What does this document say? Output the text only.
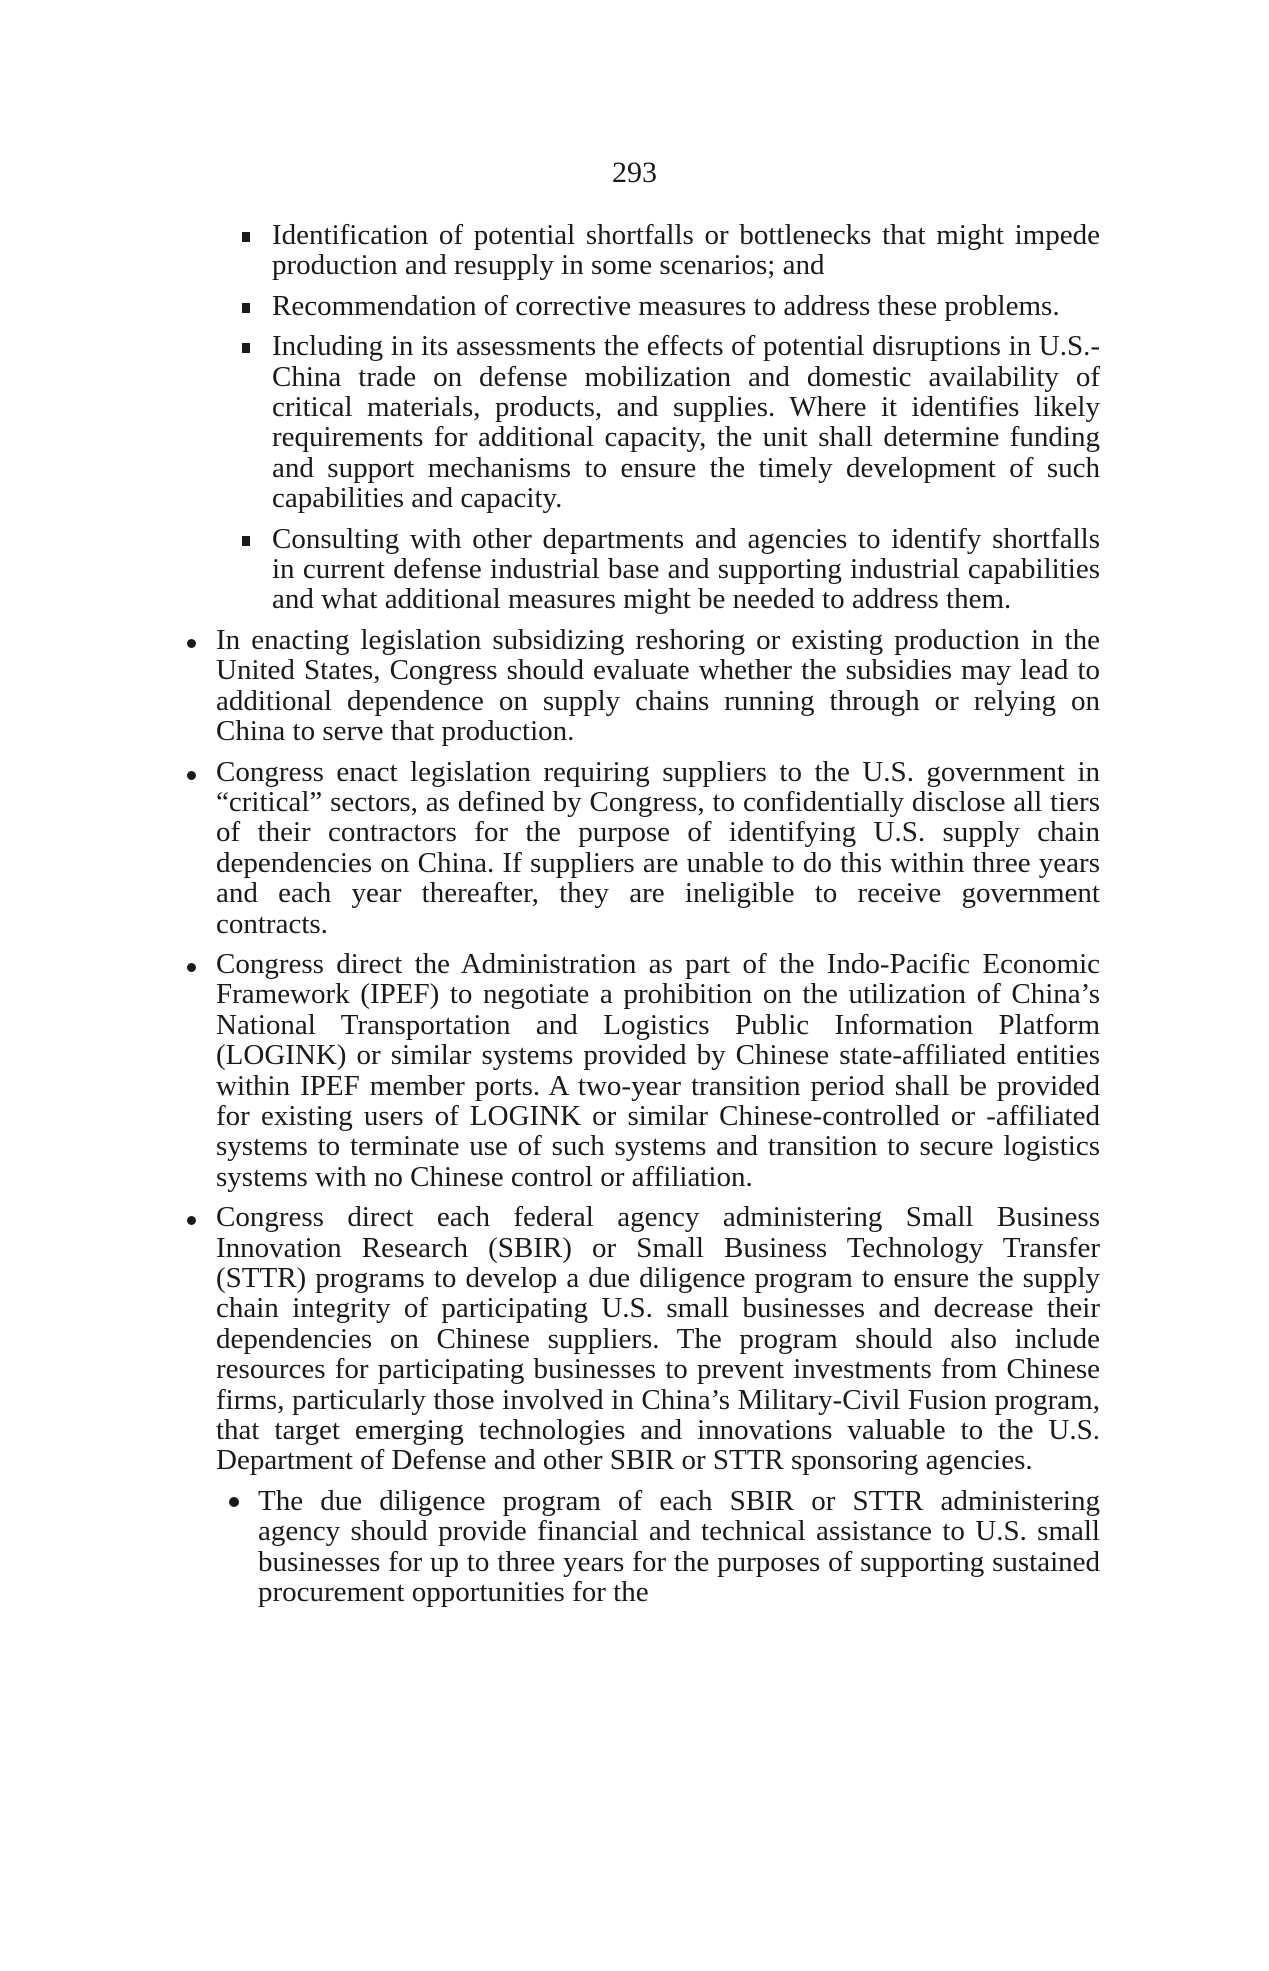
293
Identification of potential shortfalls or bottlenecks that might impede production and resupply in some scenarios; and
Recommendation of corrective measures to address these problems.
Including in its assessments the effects of potential disruptions in U.S.-China trade on defense mobilization and domestic availability of critical materials, products, and supplies. Where it identifies likely requirements for additional capacity, the unit shall determine funding and support mechanisms to ensure the timely development of such capabilities and capacity.
Consulting with other departments and agencies to identify shortfalls in current defense industrial base and supporting industrial capabilities and what additional measures might be needed to address them.
In enacting legislation subsidizing reshoring or existing production in the United States, Congress should evaluate whether the subsidies may lead to additional dependence on supply chains running through or relying on China to serve that production.
Congress enact legislation requiring suppliers to the U.S. government in “critical” sectors, as defined by Congress, to confidentially disclose all tiers of their contractors for the purpose of identifying U.S. supply chain dependencies on China. If suppliers are unable to do this within three years and each year thereafter, they are ineligible to receive government contracts.
Congress direct the Administration as part of the Indo-Pacific Economic Framework (IPEF) to negotiate a prohibition on the utilization of China’s National Transportation and Logistics Public Information Platform (LOGINK) or similar systems provided by Chinese state-affiliated entities within IPEF member ports. A two-year transition period shall be provided for existing users of LOGINK or similar Chinese-controlled or -affiliated systems to terminate use of such systems and transition to secure logistics systems with no Chinese control or affiliation.
Congress direct each federal agency administering Small Business Innovation Research (SBIR) or Small Business Technology Transfer (STTR) programs to develop a due diligence program to ensure the supply chain integrity of participating U.S. small businesses and decrease their dependencies on Chinese suppliers. The program should also include resources for participating businesses to prevent investments from Chinese firms, particularly those involved in China’s Military-Civil Fusion program, that target emerging technologies and innovations valuable to the U.S. Department of Defense and other SBIR or STTR sponsoring agencies.
The due diligence program of each SBIR or STTR administering agency should provide financial and technical assistance to U.S. small businesses for up to three years for the purposes of supporting sustained procurement opportunities for the
